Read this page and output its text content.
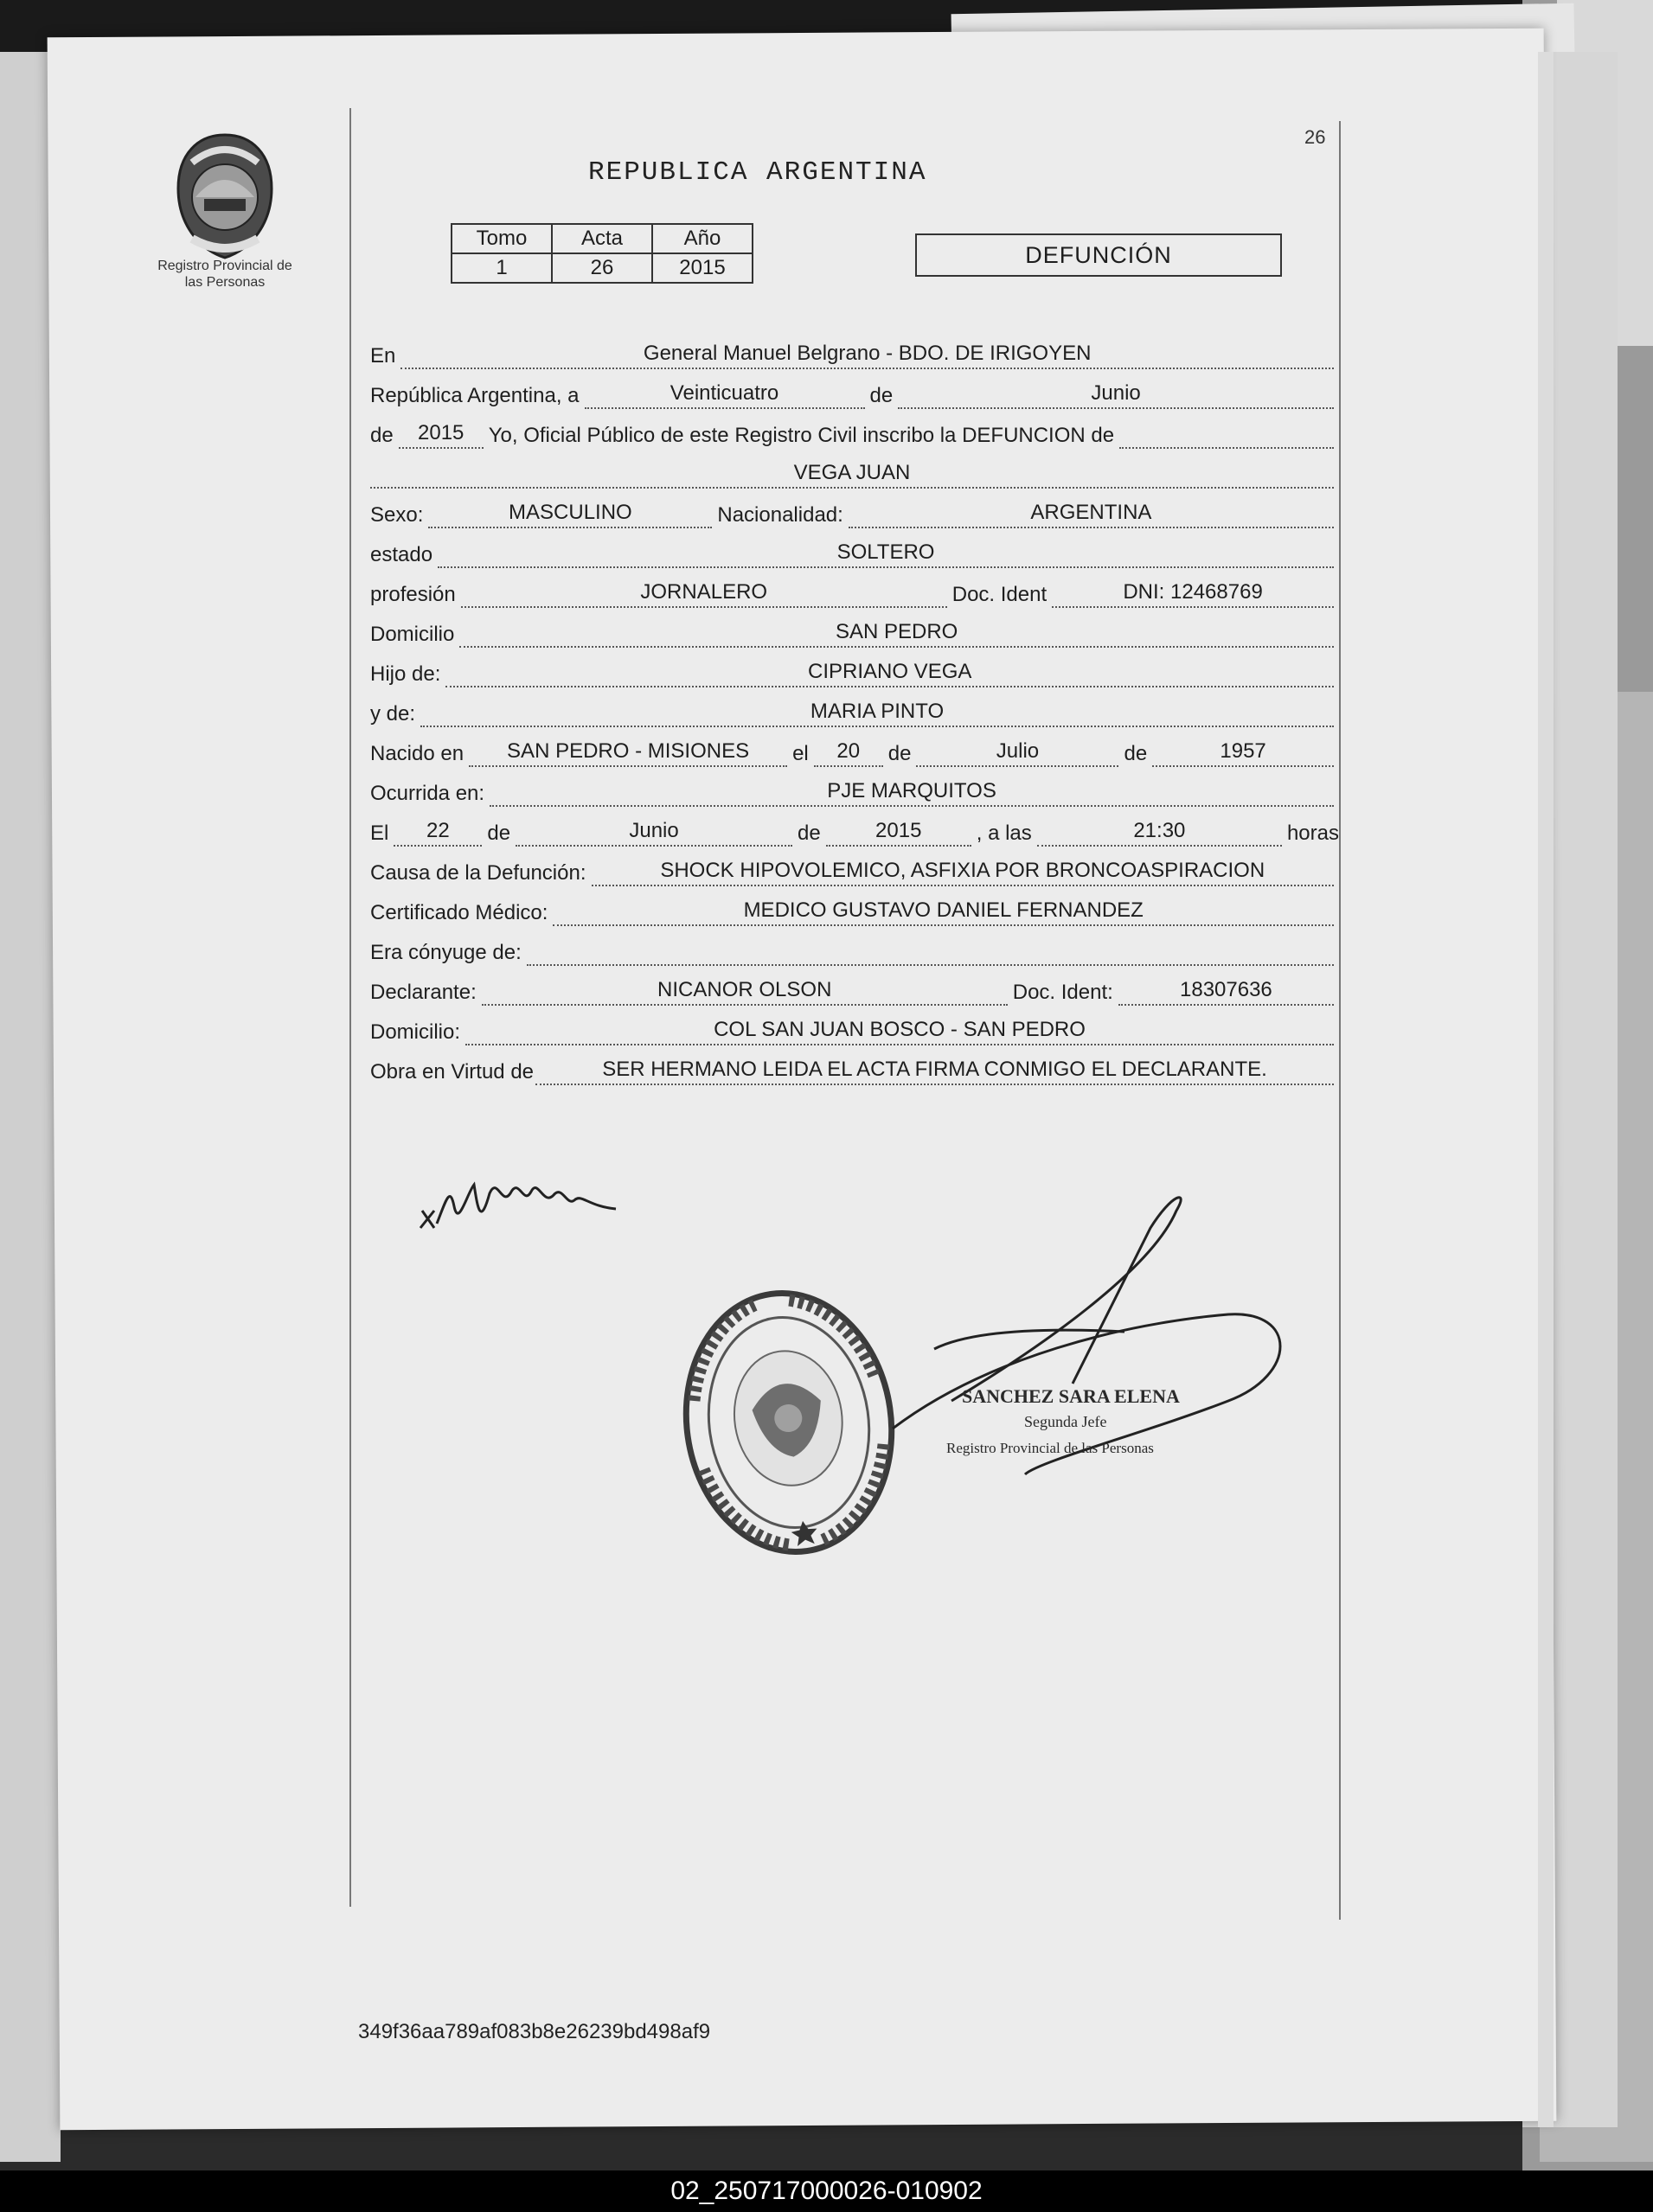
Registro Provincial de
las Personas
26
REPUBLICA ARGENTINA
Tomo	Acta	Año
1	26	2015	DEFUNCIÓN
En	General Manuel Belgrano - BDO. DE IRIGOYEN
República Argentina, a	Veinticuatro	de	Junio
de	2015	Yo, Oficial Público de este Registro Civil inscribo la DEFUNCION de
VEGA JUAN
Sexo:	MASCULINO	Nacionalidad:	ARGENTINA
estado	SOLTERO
profesión	JORNALERO	Doc. Ident	DNI: 12468769
Domicilio	SAN PEDRO
Hijo de:	CIPRIANO VEGA
y de:	MARIA PINTO
Nacido en	SAN PEDRO - MISIONES	el	20	de	Julio	de	1957
Ocurrida en:	PJE MARQUITOS
El	22	de	Junio	de	2015	, a las	21:30	horas
Causa de la Defunción:	SHOCK HIPOVOLEMICO, ASFIXIA POR BRONCOASPIRACION
Certificado Médico:	MEDICO GUSTAVO DANIEL FERNANDEZ
Era cónyuge de:
Declarante:	NICANOR OLSON	Doc. Ident:	18307636
Domicilio:	COL SAN JUAN BOSCO - SAN PEDRO
Obra en Virtud de	SER HERMANO LEIDA EL ACTA FIRMA CONMIGO EL DECLARANTE.
SANCHEZ SARA ELENA
Segunda Jefe
Registro Provincial de las Personas
349f36aa789af083b8e26239bd498af9
02_250717000026-010902
